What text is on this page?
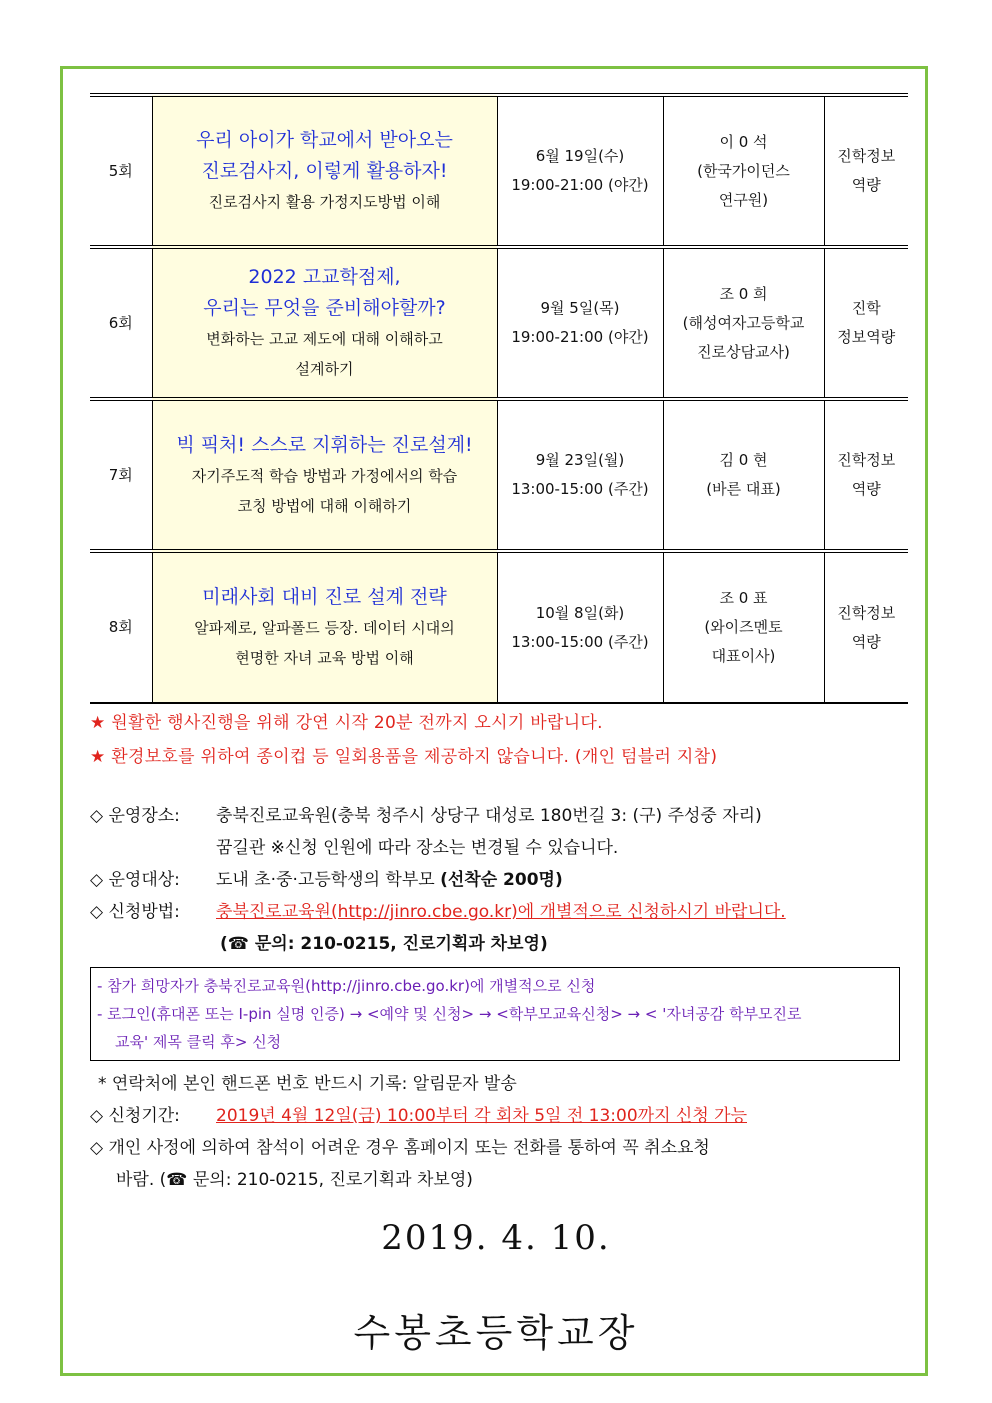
5회	우리 아이가 학교에서 받아오는
진로검사지, 이렇게 활용하자!
진로검사지 활용 가정지도방법 이해	6월 19일(수)
19:00-21:00 (야간)	이 0 석
(한국가이던스
연구원)	진학정보
역량
6회	2022 고교학점제,
우리는 무엇을 준비해야할까?
변화하는 고교 제도에 대해 이해하고
설계하기	9월 5일(목)
19:00-21:00 (야간)	조 0 희
(해성여자고등학교
진로상담교사)	진학
정보역량
7회	빅 픽처! 스스로 지휘하는 진로설계!
자기주도적 학습 방법과 가정에서의 학습
코칭 방법에 대해 이해하기	9월 23일(월)
13:00-15:00 (주간)	김 0 현
(바른 대표)	진학정보
역량
8회	미래사회 대비 진로 설계 전략
알파제로, 알파폴드 등장. 데이터 시대의
현명한 자녀 교육 방법 이해	10월 8일(화)
13:00-15:00 (주간)	조 0 표
(와이즈멘토
대표이사)	진학정보
역량
★ 원활한 행사진행을 위해 강연 시작 20분 전까지 오시기 바랍니다.
★ 환경보호를 위하여 종이컵 등 일회용품을 제공하지 않습니다. (개인 텀블러 지참)
◇ 운영장소:	충북진로교육원(충북 청주시 상당구 대성로 180번길 3: (구) 주성중 자리)
꿈길관 ※신청 인원에 따라 장소는 변경될 수 있습니다.
◇ 운영대상:	도내 초·중·고등학생의 학부모
(선착순 200명)
◇ 신청방법:	충북진로교육원(http://jinro.cbe.go.kr)에 개별적으로 신청하시기 바랍니다.
(☎ 문의: 210-0215, 진로기획과 차보영)
- 참가 희망자가 충북진로교육원(http://jinro.cbe.go.kr)에 개별적으로 신청
- 로그인(휴대폰 또는 I-pin 실명 인증) → <예약 및 신청> → <학부모교육신청> → < '자녀공감 학부모진로
교육' 제목 클릭 후> 신청
* 연락처에 본인 핸드폰 번호 반드시 기록: 알림문자 발송
◇ 신청기간:	2019년 4월 12일(금) 10:00부터 각 회차 5일 전 13:00까지 신청 가능
◇ 개인 사정에 의하여 참석이 어려운 경우 홈페이지 또는 전화를 통하여 꼭 취소요청
바람. (☎ 문의: 210-0215, 진로기획과 차보영)
2019. 4. 10.
수봉초등학교장
